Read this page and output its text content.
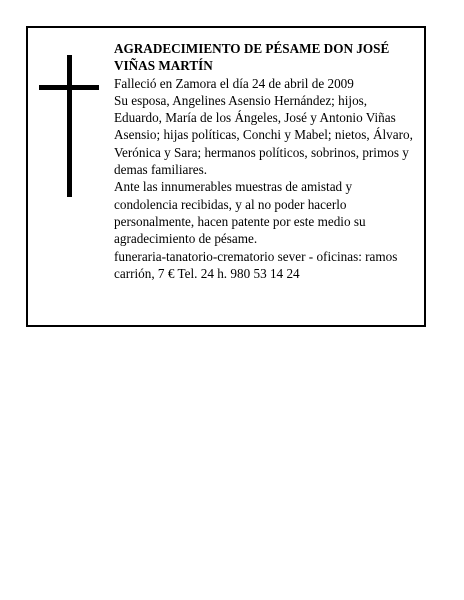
AGRADECIMIENTO DE PÉSAME DON JOSÉ VIÑAS MARTÍN

Falleció en Zamora el día 24 de abril de 2009

Su esposa, Angelines Asensio Hernández; hijos, Eduardo, María de los Ángeles, José y Antonio Viñas Asensio; hijas políticas, Conchi y Mabel; nietos, Álvaro, Verónica y Sara; hermanos políticos, sobrinos, primos y demas familiares.

Ante las innumerables muestras de amistad y condolencia recibidas, y al no poder hacerlo personalmente, hacen patente por este medio su agradecimiento de pésame.

funeraria-tanatorio-crematorio sever - oficinas: ramos carrión, 7 € Tel. 24 h. 980 53 14 24
